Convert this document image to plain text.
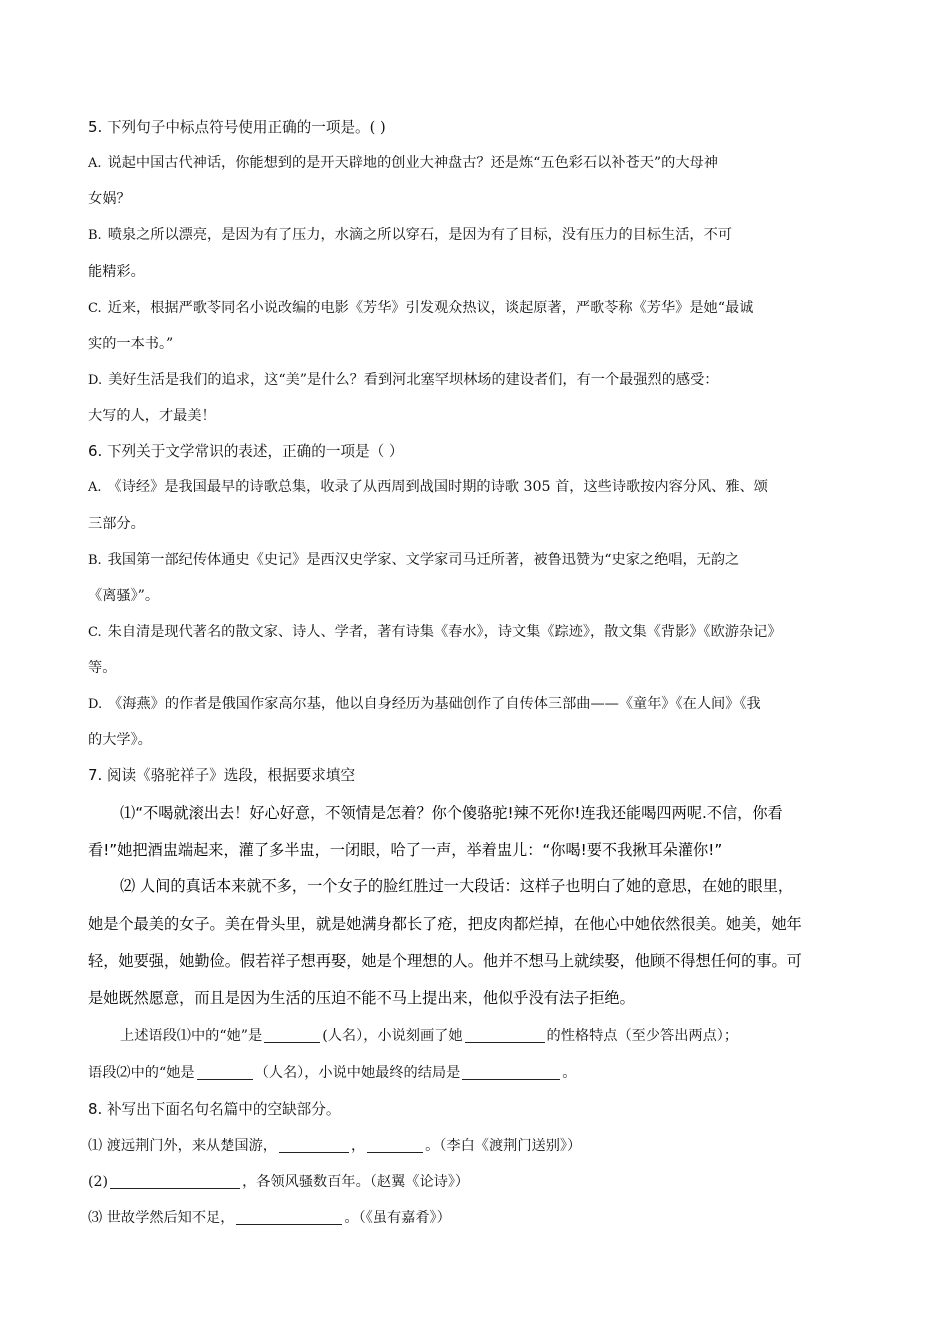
5. 下列句子中标点符号使用正确的一项是。( )
A. 说起中国古代神话，你能想到的是开天辟地的创业大神盘古？还是炼“五色彩石以补苍天”的大母神
女娲？
B. 喷泉之所以漂亮，是因为有了压力，水滴之所以穿石，是因为有了目标，没有压力的目标生活，不可
能精彩。
C. 近来，根据严歌苓同名小说改编的电影《芳华》引发观众热议，谈起原著，严歌苓称《芳华》是她“最诚
实的一本书。”
D. 美好生活是我们的追求，这“美”是什么？看到河北塞罕坝林场的建设者们，有一个最强烈的感受：
大写的人，才最美！
6. 下列关于文学常识的表述，正确的一项是（ ）
A. 《诗经》是我国最早的诗歌总集，收录了从西周到战国时期的诗歌 305 首，这些诗歌按内容分风、雅、颂
三部分。
B. 我国第一部纪传体通史《史记》是西汉史学家、文学家司马迁所著，被鲁迅赞为“史家之绝唱，无韵之
《离骚》”。
C. 朱自清是现代著名的散文家、诗人、学者，著有诗集《春水》，诗文集《踪迹》，散文集《背影》《欧游杂记》
等。
D. 《海燕》的作者是俄国作家高尔基，他以自身经历为基础创作了自传体三部曲——《童年》《在人间》《我
的大学》。
7. 阅读《骆驼祥子》选段，根据要求填空
⑴“不喝就滚出去！好心好意，不领情是怎着？你个傻骆驼!辣不死你!连我还能喝四两呢.不信，你看
看!”她把酒盅端起来，灌了多半盅，一闭眼，哈了一声，举着盅儿：“你喝!要不我揪耳朵灌你!”
⑵ 人间的真话本来就不多，一个女子的脸红胜过一大段话：这样子也明白了她的意思，在她的眼里，
她是个最美的女子。美在骨头里，就是她满身都长了疮，把皮肉都烂掉，在他心中她依然很美。她美，她年
轻，她要强，她勤俭。假若祥子想再娶，她是个理想的人。他并不想马上就续娶，他顾不得想任何的事。可
是她既然愿意，而且是因为生活的压迫不能不马上提出来，他似乎没有法子拒绝。
上述语段⑴中的“她”是	(人名），小说刻画了她	的性格特点（至少答出两点）；
语段⑵中的“她是	（人名），小说中她最终的结局是	。
8. 补写出下面名句名篇中的空缺部分。
⑴ 渡远荆门外，来从楚国游，	，	。（李白《渡荆门送别》）
(2)	，各领风骚数百年。（赵翼《论诗》）
⑶ 世故学然后知不足，	。（《虽有嘉肴》）
